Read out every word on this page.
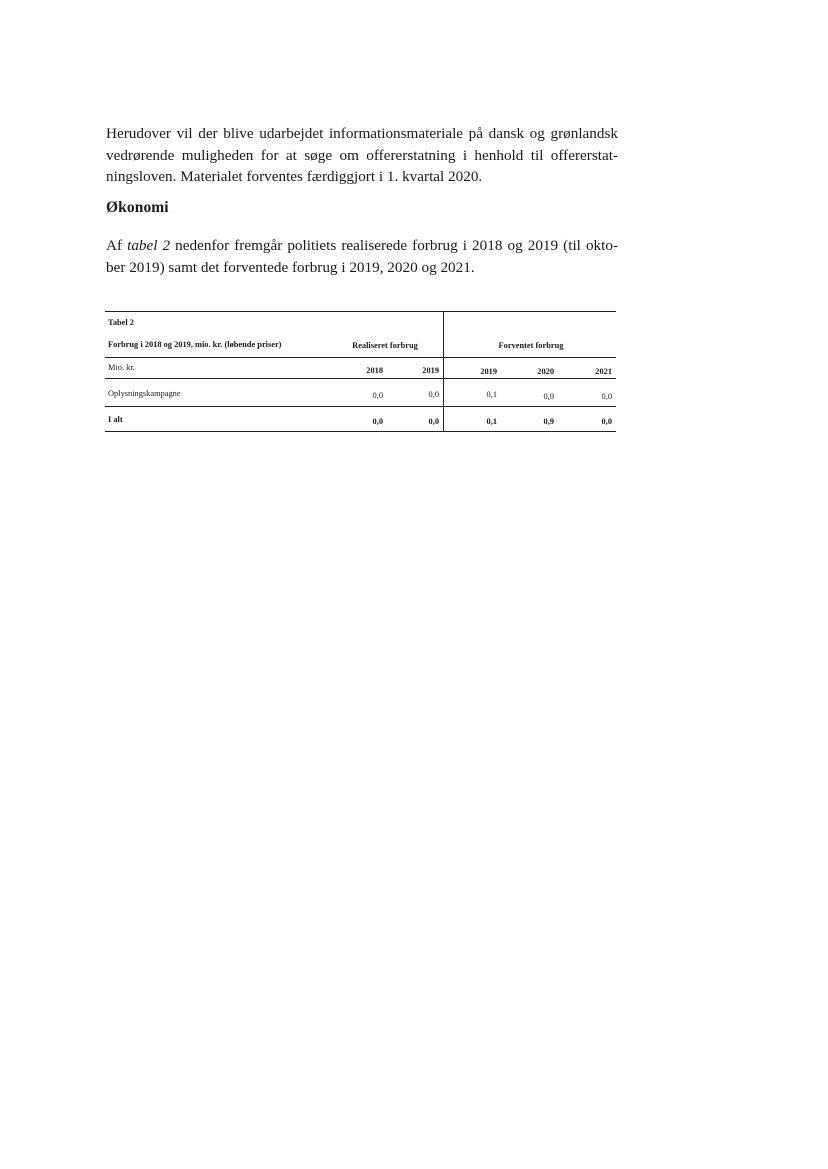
Herudover vil der blive udarbejdet informationsmateriale på dansk og grønlandsk
vedrørende muligheden for at søge om offererstatning i henhold til offererstat-
ningsloven. Materialet forventes færdiggjort i 1. kvartal 2020.
Økonomi
Af tabel 2 nedenfor fremgår politiets realiserede forbrug i 2018 og 2019 (til okto-
ber 2019) samt det forventede forbrug i 2019, 2020 og 2021.
Tabel 2
Forbrug i 2018 og 2019, mio. kr. (løbende priser)	Realiseret forbrug	Forventet forbrug
Mio. kr.	2018	2019	2019	2020	2021
Oplysningskampagne	0,0	0,0	0,1	0,9	0,0
I alt	0,0	0,0	0,1	0,9	0,0
